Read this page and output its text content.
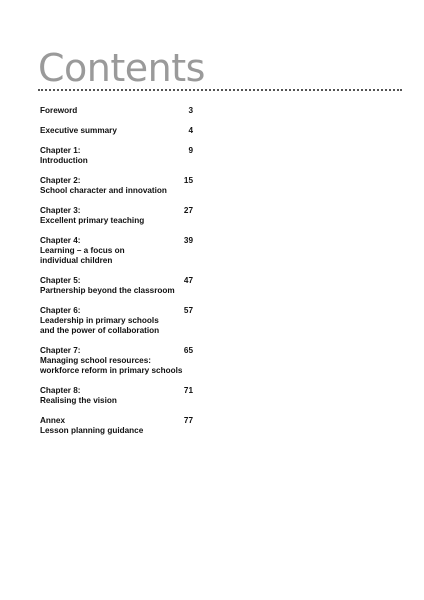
Contents
Foreword	3
Executive summary	4
Chapter 1:
Introduction
9
Chapter 2:
School character and innovation
15
Chapter 3:
Excellent primary teaching
27
Chapter 4:
Learning – a focus on
individual children
39
Chapter 5:
Partnership beyond the classroom
47
Chapter 6:
Leadership in primary schools
and the power of collaboration
57
Chapter 7:
Managing school resources:
workforce reform in primary schools
65
Chapter 8:
Realising the vision
71
Annex
Lesson planning guidance
77
